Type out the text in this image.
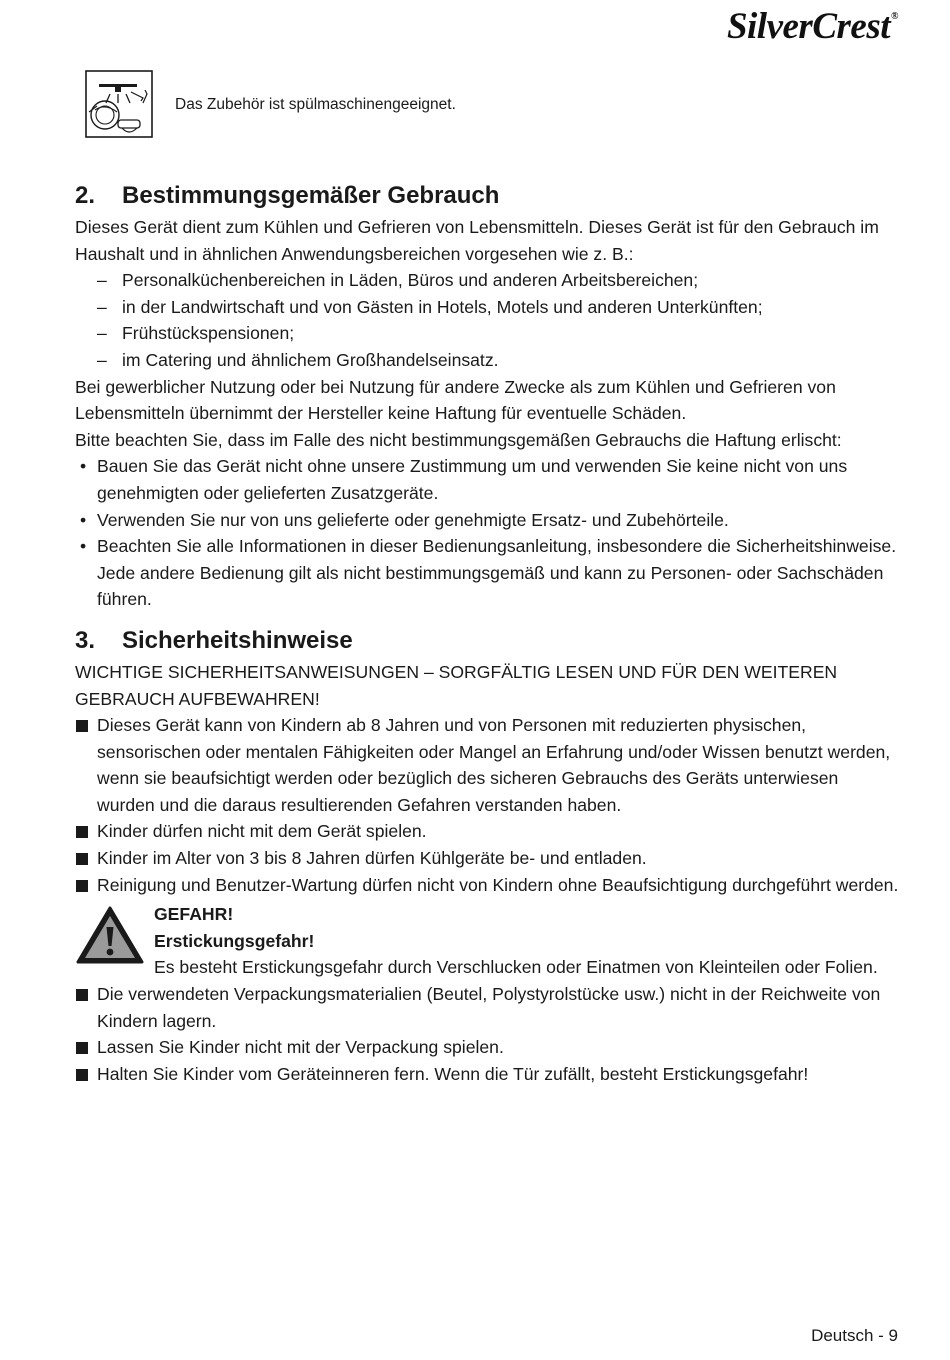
SilverCrest®
Das Zubehör ist spülmaschinengeeignet.
2. Bestimmungsgemäßer Gebrauch

Dieses Gerät dient zum Kühlen und Gefrieren von Lebensmitteln. Dieses Gerät ist für den Gebrauch im Haushalt und in ähnlichen Anwendungsbereichen vorgesehen wie z. B.:

– Personalküchenbereichen in Läden, Büros und anderen Arbeitsbereichen;
– in der Landwirtschaft und von Gästen in Hotels, Motels und anderen Unterkünften;
– Frühstückspensionen;
– im Catering und ähnlichem Großhandelseinsatz.

Bei gewerblicher Nutzung oder bei Nutzung für andere Zwecke als zum Kühlen und Gefrieren von Lebensmitteln übernimmt der Hersteller keine Haftung für eventuelle Schäden.

Bitte beachten Sie, dass im Falle des nicht bestimmungsgemäßen Gebrauchs die Haftung erlischt:

• Bauen Sie das Gerät nicht ohne unsere Zustimmung um und verwenden Sie keine nicht von uns genehmigten oder gelieferten Zusatzgeräte.
• Verwenden Sie nur von uns gelieferte oder genehmigte Ersatz- und Zubehörteile.
• Beachten Sie alle Informationen in dieser Bedienungsanleitung, insbesondere die Sicherheitshinweise. Jede andere Bedienung gilt als nicht bestimmungsgemäß und kann zu Personen- oder Sachschäden führen.
3. Sicherheitshinweise

WICHTIGE SICHERHEITSANWEISUNGEN – SORGFÄLTIG LESEN UND FÜR DEN WEITEREN GEBRAUCH AUFBEWAHREN!

Dieses Gerät kann von Kindern ab 8 Jahren und von Personen mit reduzierten physischen, sensorischen oder mentalen Fähigkeiten oder Mangel an Erfahrung und/oder Wissen benutzt werden, wenn sie beaufsichtigt werden oder bezüglich des sicheren Gebrauchs des Geräts unterwiesen wurden und die daraus resultierenden Gefahren verstanden haben.
Kinder dürfen nicht mit dem Gerät spielen.
Kinder im Alter von 3 bis 8 Jahren dürfen Kühlgeräte be- und entladen.
Reinigung und Benutzer-Wartung dürfen nicht von Kindern ohne Beaufsichtigung durchgeführt werden.
GEFAHR!
Erstickungsgefahr!
Es besteht Erstickungsgefahr durch Verschlucken oder Einatmen von Kleinteilen oder Folien.
Die verwendeten Verpackungsmaterialien (Beutel, Polystyrolstücke usw.) nicht in der Reichweite von Kindern lagern.
Lassen Sie Kinder nicht mit der Verpackung spielen.
Halten Sie Kinder vom Geräteinneren fern. Wenn die Tür zufällt, besteht Erstickungsgefahr!
Deutsch - 9
